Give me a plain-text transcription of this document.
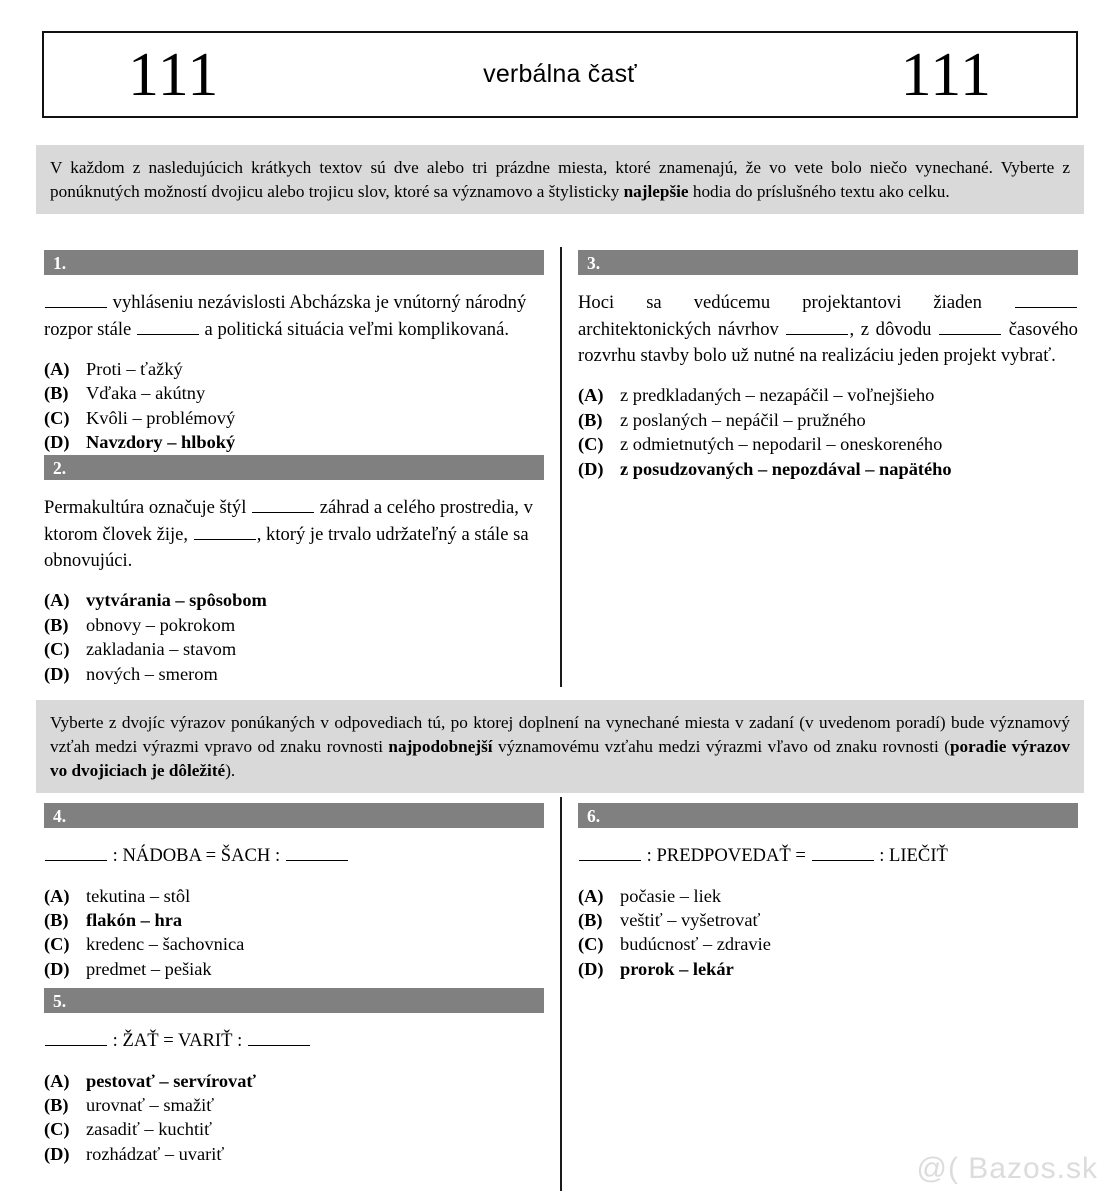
111	verbálna časť	111
V každom z nasledujúcich krátkych textov sú dve alebo tri prázdne miesta, ktoré znamenajú, že vo vete bolo niečo vynechané. Vyberte z ponúknutých možností dvojicu alebo trojicu slov, ktoré sa významovo a štylisticky najlepšie hodia do príslušného textu ako celku.
Vyberte z dvojíc výrazov ponúkaných v odpovediach tú, po ktorej doplnení na vynechané miesta v zadaní (v uvedenom poradí) bude významový vzťah medzi výrazmi vpravo od znaku rovnosti najpodobnejší významovému vzťahu medzi výrazmi vľavo od znaku rovnosti (poradie výrazov vo dvojiciach je dôležité).
1.
vyhláseniu nezávislosti Abcházska je vnútorný národný rozpor stále	a politická situácia veľmi komplikovaná.
(A) Proti – ťažký
(B) Vďaka – akútny
(C) Kvôli – problémový
(D) Navzdory – hlboký
2.
Permakultúra označuje štýl	záhrad a celého prostredia, v ktorom človek žije,	, ktorý je trvalo udržateľný a stále sa obnovujúci.
(A) vytvárania – spôsobom
(B) obnovy – pokrokom
(C) zakladania – stavom
(D) nových – smerom
3.
Hoci sa vedúcemu projektantovi žiaden  architektonických návrhov	, z dôvodu	časového rozvrhu stavby bolo už nutné na realizáciu jeden projekt vybrať.
(A) z predkladaných – nezapáčil – voľnejšieho
(B) z poslaných – nepáčil – pružného
(C) z odmietnutých – nepodaril – oneskoreného
(D) z posudzovaných – nepozdával – napätého
4.
: NÁDOBA = ŠACH :
(A) tekutina – stôl
(B) flakón – hra
(C) kredenc – šachovnica
(D) predmet – pešiak
5.
: ŽAŤ = VARIŤ :
(A) pestovať – servírovať
(B) urovnať – smažiť
(C) zasadiť – kuchtiť
(D) rozhádzať – uvariť
6.
: PREDPOVEDAŤ =	: LIEČIŤ
(A) počasie – liek
(B) veštiť – vyšetrovať
(C) budúcnosť – zdravie
(D) prorok – lekár
@( Bazos.sk
